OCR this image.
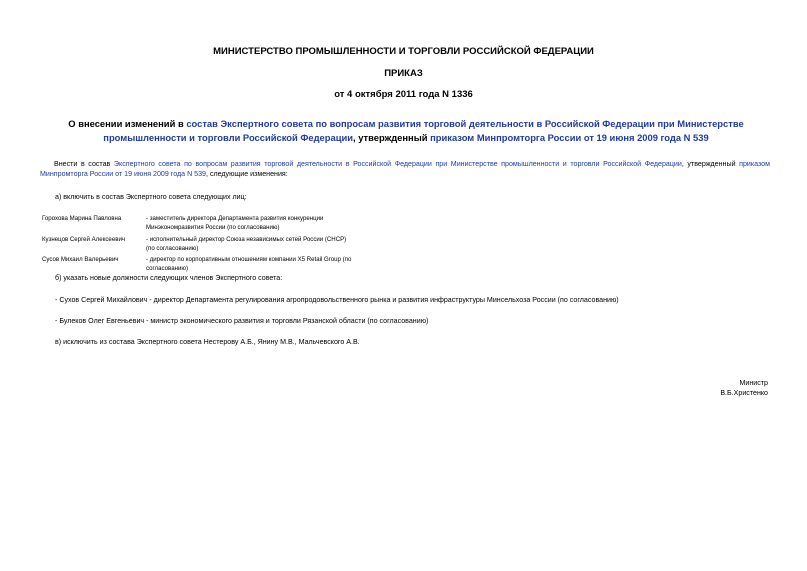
МИНИСТЕРСТВО ПРОМЫШЛЕННОСТИ И ТОРГОВЛИ РОССИЙСКОЙ ФЕДЕРАЦИИ
ПРИКАЗ
от 4 октября 2011 года N 1336
О внесении изменений в состав Экспертного совета по вопросам развития торговой деятельности в Российской Федерации при Министерстве промышленности и торговли Российской Федерации, утвержденный приказом Минпромторга России от 19 июня 2009 года N 539
Внести в состав Экспертного совета по вопросам развития торговой деятельности в Российской Федерации при Министерстве промышленности и торговли Российской Федерации, утвержденный приказом Минпромторга России от 19 июня 2009 года N 539, следующие изменения:
а) включить в состав Экспертного совета следующих лиц:
Горохова Марина Павловна	- заместитель директора Департамента развития конкуренции Минэкономразвития России (по согласованию)
Кузнецов Сергей Алексеевич	- исполнительный директор Союза независимых сетей России (СНСР) (по согласованию)
Сусов Михаил Валерьевич	- директор по корпоративным отношениям компании Х5 Retail Group (по согласованию)
б) указать новые должности следующих членов Экспертного совета:
- Сухов Сергей Михайлович - директор Департамента регулирования агропродовольственного рынка и развития инфраструктуры Минсельхоза России (по согласованию)
- Булеков Олег Евгеньевич - министр экономического развития и торговли Рязанской области (по согласованию)
в) исключить из состава Экспертного совета Нестерову А.Б., Янину М.В., Мальчевского А.В.
Министр
В.Б.Христенко
